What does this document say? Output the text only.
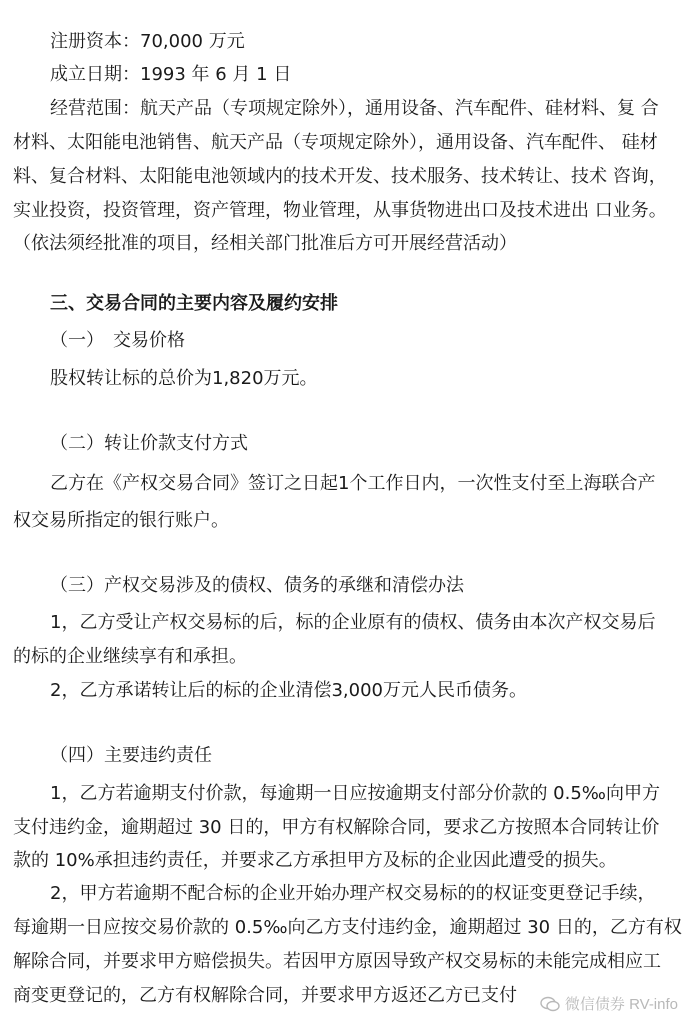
注册资本：70,000 万元
成立日期：1993 年 6 月 1 日
经营范围：航天产品（专项规定除外），通用设备、汽车配件、硅材料、复 合
材料、太阳能电池销售、航天产品（专项规定除外），通用设备、汽车配件、 硅材
料、复合材料、太阳能电池领域内的技术开发、技术服务、技术转让、技术 咨询，
实业投资，投资管理，资产管理，物业管理，从事货物进出口及技术进出 口业务。
（依法须经批准的项目，经相关部门批准后方可开展经营活动）
三、交易合同的主要内容及履约安排
（一）　交易价格
股权转让标的总价为1,820万元。
（二）转让价款支付方式
乙方在《产权交易合同》签订之日起1个工作日内，一次性支付至上海联合产
权交易所指定的银行账户。
（三）产权交易涉及的债权、债务的承继和清偿办法
1，乙方受让产权交易标的后，标的企业原有的债权、债务由本次产权交易后
的标的企业继续享有和承担。
2，乙方承诺转让后的标的企业清偿3,000万元人民币债务。
（四）主要违约责任
1，乙方若逾期支付价款，每逾期一日应按逾期支付部分价款的 0.5‰向甲方
支付违约金，逾期超过 30 日的，甲方有权解除合同，要求乙方按照本合同转让价
款的 10%承担违约责任，并要求乙方承担甲方及标的企业因此遭受的损失。
2，甲方若逾期不配合标的企业开始办理产权交易标的的权证变更登记手续，
每逾期一日应按交易价款的 0.5‰向乙方支付违约金，逾期超过 30 日的，乙方有权
解除合同，并要求甲方赔偿损失。若因甲方原因导致产权交易标的未能完成相应工
商变更登记的，乙方有权解除合同，并要求甲方返还乙方已支付	微信债券 RV-info
